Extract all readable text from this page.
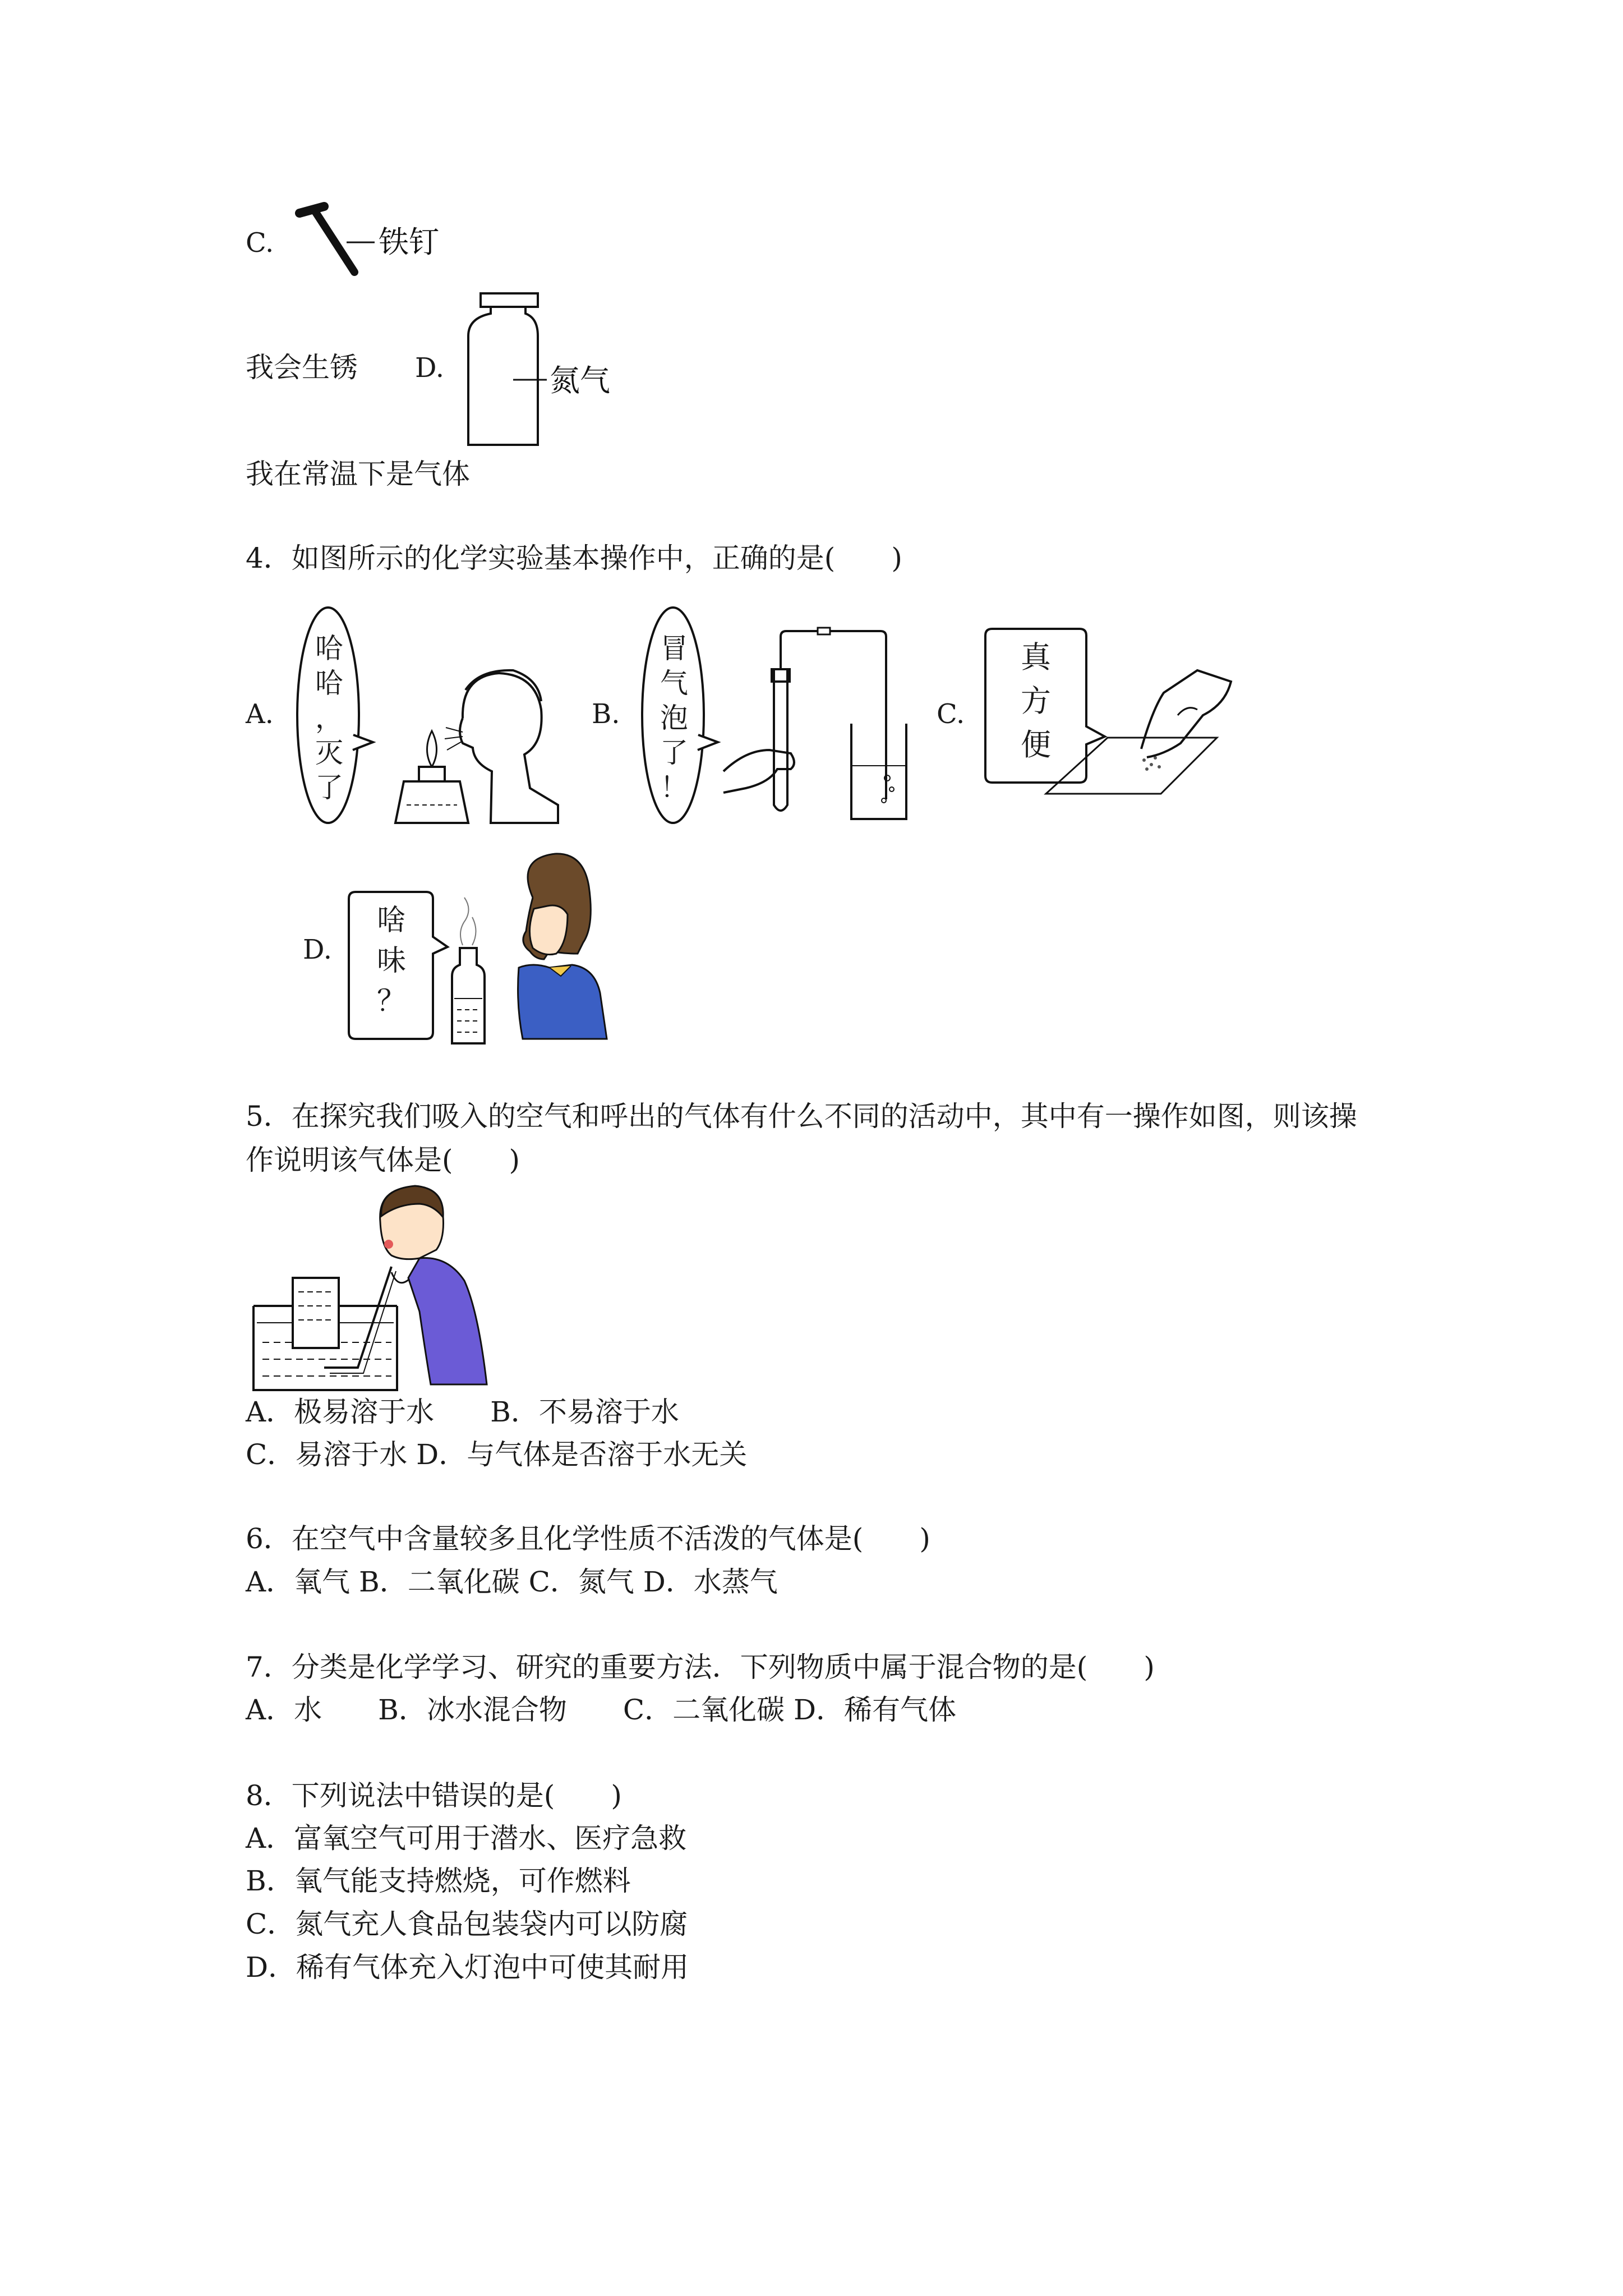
C.	铁钉
我会生锈 D.	氮气
我在常温下是气体
4．如图所示的化学实验基本操作中，正确的是(　　)
A.
哈
哈
，
灭
了
B.
冒
气
泡
了
！
C.
真
方
便
D.
啥
味
？
5．在探究我们吸入的空气和呼出的气体有什么不同的活动中，其中有一操作如图，则该操
作说明该气体是(　　)
A．极易溶于水　　B．不易溶于水
C．易溶于水 D．与气体是否溶于水无关
6．在空气中含量较多且化学性质不活泼的气体是(　　)
A．氧气 B．二氧化碳 C．氮气 D．水蒸气
7．分类是化学学习、研究的重要方法．下列物质中属于混合物的是(　　)
A．水　　B．冰水混合物　　C．二氧化碳 D．稀有气体
8．下列说法中错误的是(　　)
A．富氧空气可用于潜水、医疗急救
B．氧气能支持燃烧，可作燃料
C．氮气充人食品包装袋内可以防腐
D．稀有气体充入灯泡中可使其耐用
